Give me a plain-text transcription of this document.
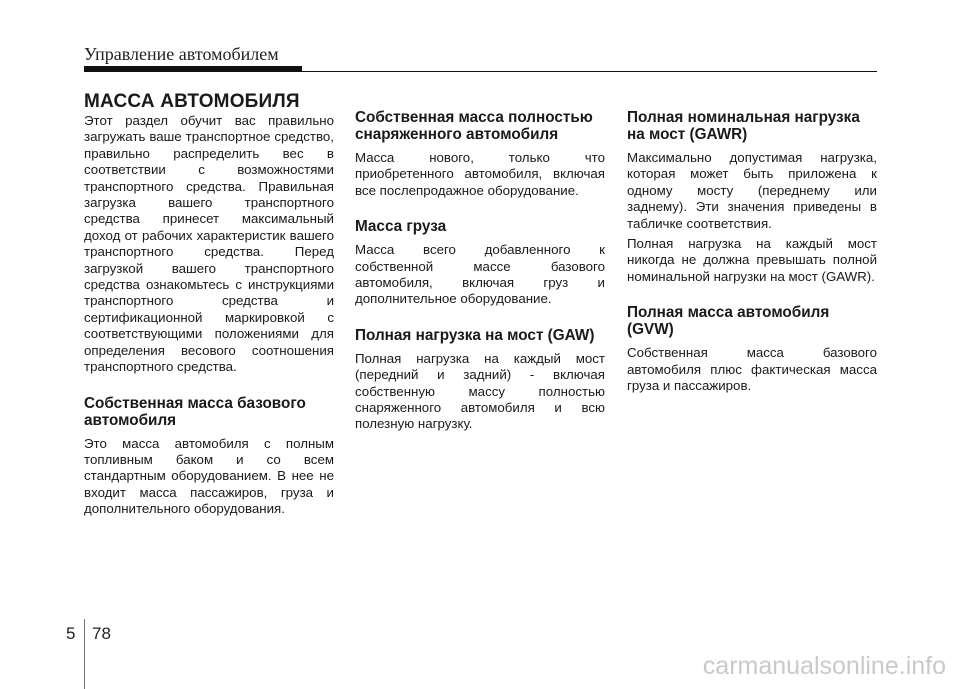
Управление автомобилем
МАССА АВТОМОБИЛЯ

Этот раздел обучит вас правильно загружать ваше транспортное средство, правильно распределить вес в соответствии с возможностями транспортного средства. Правильная загрузка вашего транспортного средства принесет максимальный доход от рабочих характеристик вашего транспортного средства. Перед загрузкой вашего транспортного средства ознакомьтесь с инструкциями транспортного средства и сертификационной маркировкой с соответствующими положениями для определения весового соотношения транспортного средства.

Собственная масса базового автомобиля

Это масса автомобиля с полным топливным баком и со всем стандартным оборудованием. В нее не входит масса пассажиров, груза и дополнительного оборудования.

Собственная масса полностью снаряженного автомобиля

Масса нового, только что приобретенного автомобиля, включая все послепродажное оборудование.

Масса груза

Масса всего добавленного к собственной массе базового автомобиля, включая груз и дополнительное оборудование.

Полная нагрузка на мост (GAW)

Полная нагрузка на каждый мост (передний и задний) - включая собственную массу полностью снаряженного автомобиля и всю полезную нагрузку.

Полная номинальная нагрузка на мост (GAWR)

Максимально допустимая нагрузка, которая может быть приложена к одному мосту (переднему или заднему). Эти значения приведены в табличке соответствия.

Полная нагрузка на каждый мост никогда не должна превышать полной номинальной нагрузки на мост (GAWR).

Полная масса автомобиля (GVW)

Собственная масса базового автомобиля плюс фактическая масса груза и пассажиров.

5 78
carmanualsonline.info
